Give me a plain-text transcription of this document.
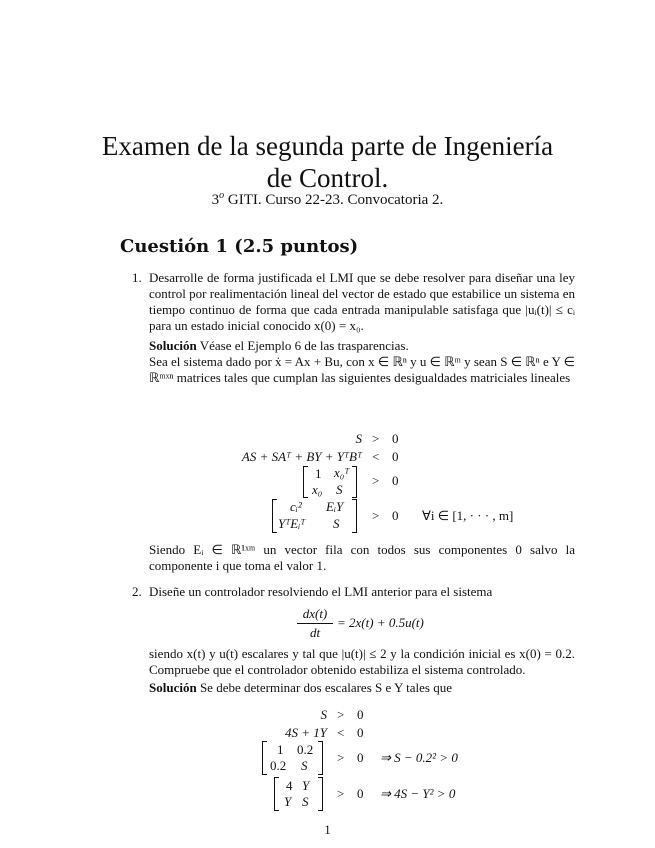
Examen de la segunda parte de Ingeniería
de Control.
3$^o$ GITI. Curso 22-23. Convocatoria 2.
Cuestión 1 (2.5 puntos)
1. Desarrolle de forma justificada el LMI que se debe resolver para diseñar una ley control por realimentación lineal del vector de estado que estabilice un sistema en tiempo continuo de forma que cada entrada manipulable satisfaga que |uᵢ(t)| ≤ cᵢ para un estado inicial conocido x(0) = x₀.
Solución Véase el Ejemplo 6 de las trasparencias.
Sea el sistema dado por ẋ = Ax + Bu, con x ∈ ℝⁿ y u ∈ ℝᵐ y sean S ∈ ℝⁿ e Y ∈ ℝᵐˣⁿ matrices tales que cumplan las siguientes desigualdades matriciales lineales
S > 0
AS + SAᵀ + BY + YᵀBᵀ < 0
1 x₀ᵀ
x₀ S
> 0
cᵢ² EᵢY
YᵀEᵢᵀ S
> 0 ∀i ∈ [1, · · · , m]
Siendo Eᵢ ∈ ℝ¹ˣᵐ un vector fila con todos sus componentes 0 salvo la componente i que toma el valor 1.
2. Diseñe un controlador resolviendo el LMI anterior para el sistema
dx(t)
dt
= 2x(t) + 0.5u(t)
siendo x(t) y u(t) escalares y tal que |u(t)| ≤ 2 y la condición inicial es x(0) = 0.2. Compruebe que el controlador obtenido estabiliza el sistema controlado.
Solución Se debe determinar dos escalares S e Y tales que
S > 0
4S + 1Y < 0
1 0.2
0.2 S
> 0 ⇒ S − 0.2² > 0
4 Y
Y S
> 0 ⇒ 4S − Y² > 0
1
